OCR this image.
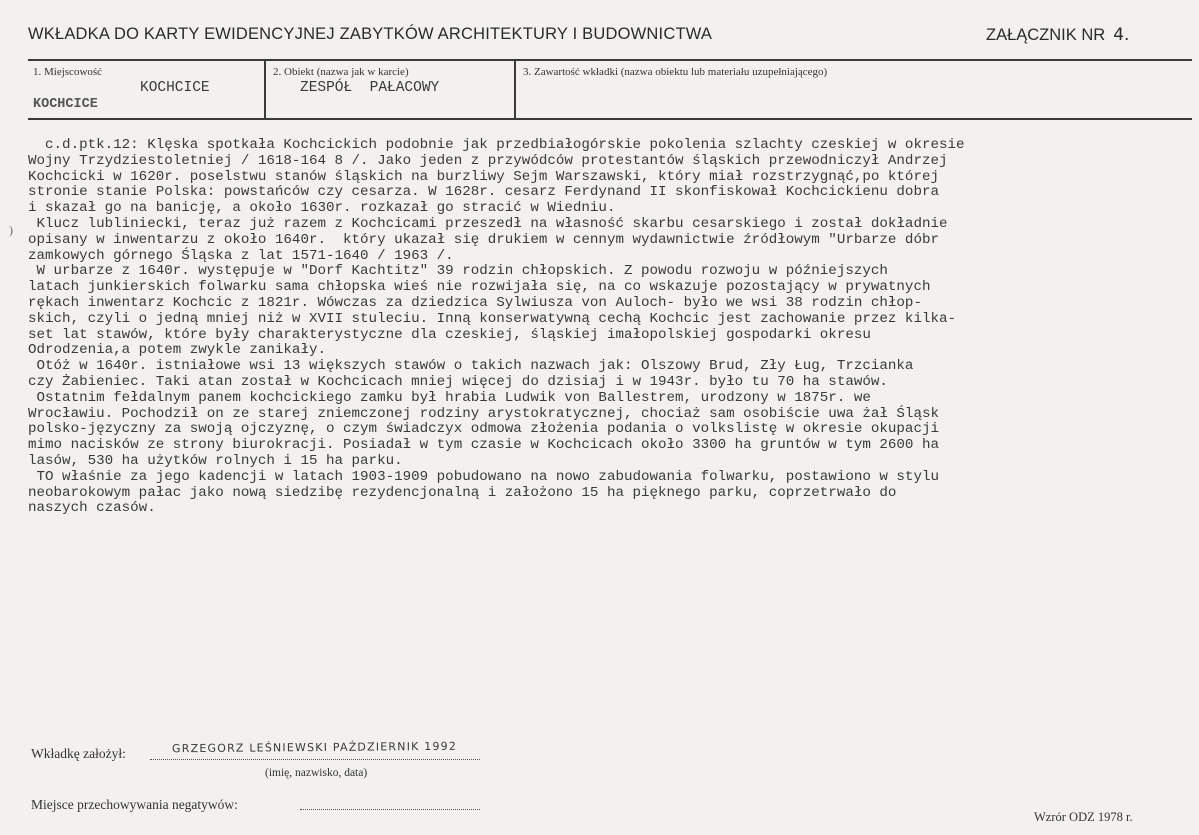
WKŁADKA DO KARTY EWIDENCYJNEJ ZABYTKÓW ARCHITEKTURY I BUDOWNICTWA	ZAŁĄCZNIK NR 4.
1. Miejscowość
KOCHCICE
KOCHCICE
2. Obiekt (nazwa jak w karcie)
ZESPÓŁ  PAŁACOWY
3. Zawartość wkładki (nazwa obiektu lub materiału uzupełniającego)
)
c.d.ptk.12: Klęska spotkała Kochcickich podobnie jak przedbiałogórskie pokolenia szlachty czeskiej w okresie
Wojny Trzydziestoletniej / 1618-164 8 /. Jako jeden z przywódców protestantów śląskich przewodniczył Andrzej
Kochcicki w 1620r. poselstwu stanów śląskich na burzliwy Sejm Warszawski, który miał rozstrzygnąć,po której
stronie stanie Polska: powstańców czy cesarza. W 1628r. cesarz Ferdynand II skonfiskował Kochcickienu dobra
i skazał go na banicję, a około 1630r. rozkazał go stracić w Wiedniu.
Klucz lubliniecki, teraz już razem z Kochcicami przeszedł na własność skarbu cesarskiego i został dokładnie
opisany w inwentarzu z około 1640r.  który ukazał się drukiem w cennym wydawnictwie źródłowym "Urbarze dóbr
zamkowych górnego Śląska z lat 1571-1640 / 1963 /.
W urbarze z 1640r. występuje w "Dorf Kachtitz" 39 rodzin chłopskich. Z powodu rozwoju w późniejszych
latach junkierskich folwarku sama chłopska wieś nie rozwijała się, na co wskazuje pozostający w prywatnych
rękach inwentarz Kochcic z 1821r. Wówczas za dziedzica Sylwiusza von Auloch- było we wsi 38 rodzin chłop-
skich, czyli o jedną mniej niż w XVII stuleciu. Inną konserwatywną cechą Kochcic jest zachowanie przez kilka-
set lat stawów, które były charakterystyczne dla czeskiej, śląskiej imałopolskiej gospodarki okresu
Odrodzenia,a potem zwykle zanikały.
Otóż w 1640r. istniałowe wsi 13 większych stawów o takich nazwach jak: Olszowy Brud, Zły Ług, Trzcianka
czy Żabieniec. Taki atan został w Kochcicach mniej więcej do dzisiaj i w 1943r. było tu 70 ha stawów.
Ostatnim fełdalnym panem kochcickiego zamku był hrabia Ludwik von Ballestrem, urodzony w 1875r. we
Wrocławiu. Pochodził on ze starej zniemczonej rodziny arystokratycznej, chociaż sam osobiście uwa żał Śląsk
polsko-języczny za swoją ojczyznę, o czym świadczyx odmowa złożenia podania o volkslistę w okresie okupacji
mimo nacisków ze strony biurokracji. Posiadał w tym czasie w Kochcicach około 3300 ha gruntów w tym 2600 ha
lasów, 530 ha użytków rolnych i 15 ha parku.
TO właśnie za jego kadencji w latach 1903-1909 pobudowano na nowo zabudowania folwarku, postawiono w stylu
neobarokowym pałac jako nową siedzibę rezydencjonalną i założono 15 ha pięknego parku, coprzetrwało do
naszych czasów.
Wkładkę założył:	GRZEGORZ LEŚNIEWSKI PAŹDZIERNIK 1992
(imię, nazwisko, data)
Miejsce przechowywania negatywów:
Wzrór ODZ 1978 r.
